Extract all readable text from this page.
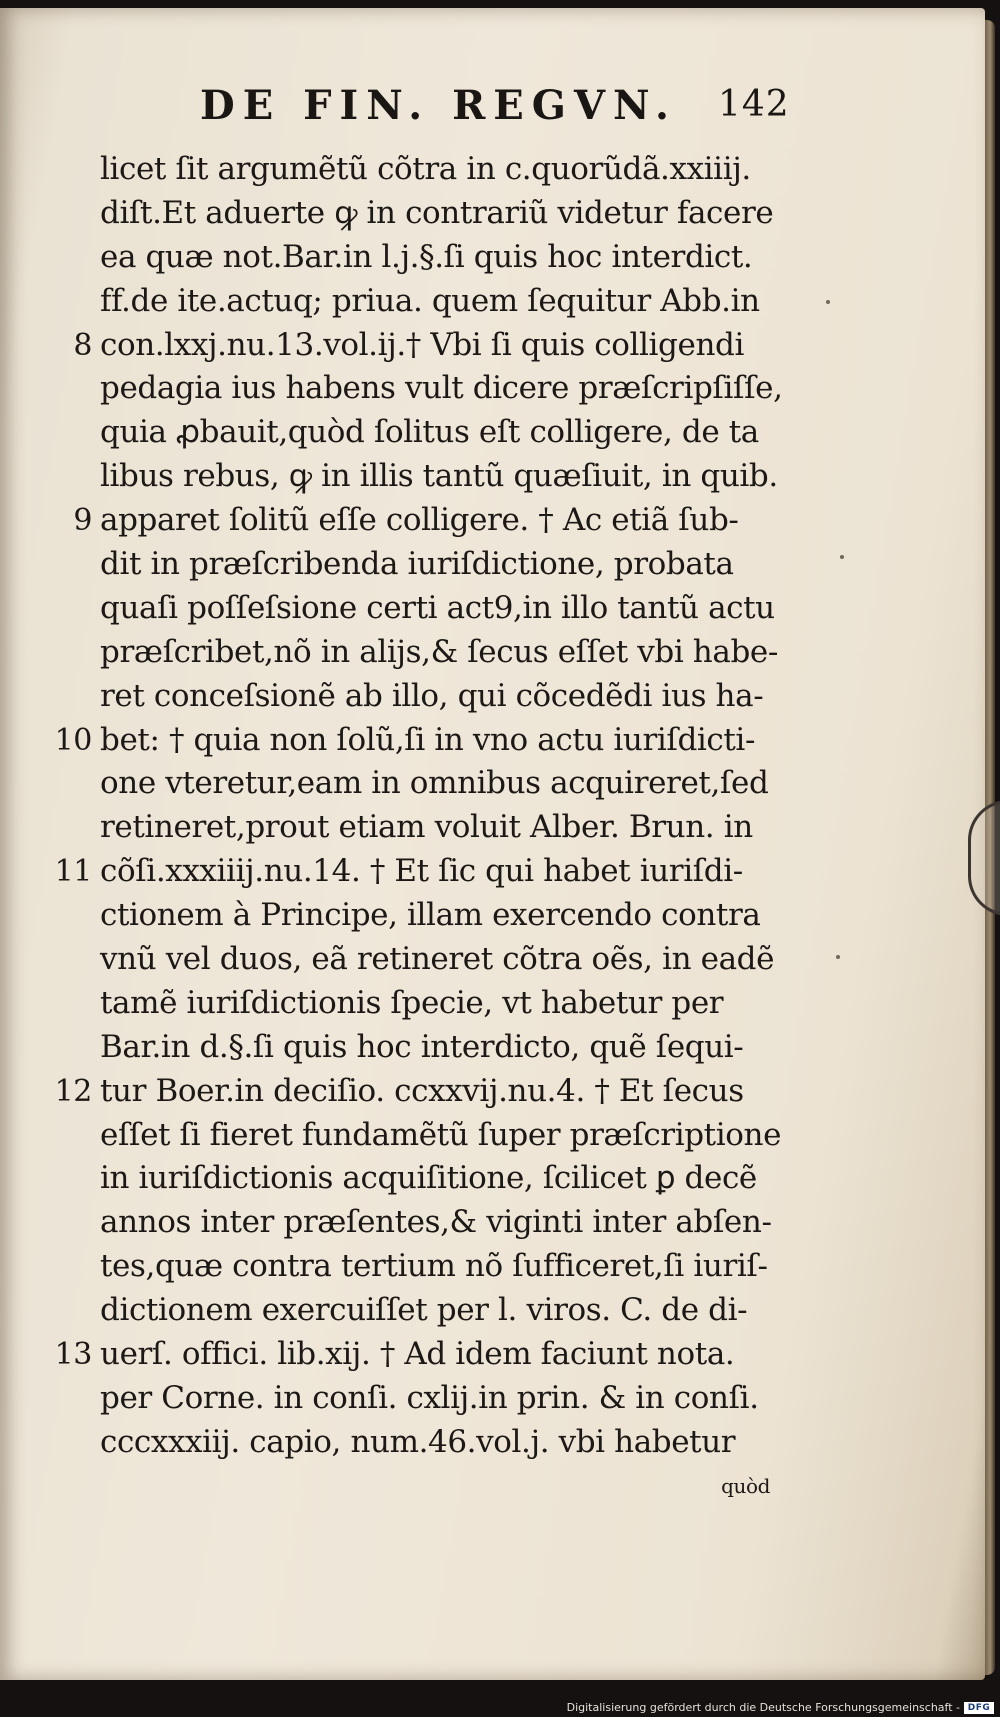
DE FIN. REGVN. 142
licet ſit argumẽtũ cõtra in c.quorũdã.xxiiij.
diſt.Et aduerte ꝙ in contrariũ videtur facere
ea quæ not.Bar.in l.j.§.ſi quis hoc interdict.
ff.de ite.actuq; priua. quem ſequitur Abb.in
8 con.lxxj.nu.13.vol.ij.† Vbi ſi quis colligendi
pedagia ius habens vult dicere præſcripſiſſe,
quia ꝓbauit,quòd ſolitus eſt colligere, de ta
libus rebus, ꝙ in illis tantũ quæſiuit, in quib.
9 apparet ſolitũ eſſe colligere. † Ac etiã ſub-
dit in præſcribenda iuriſdictione, probata
quaſi poſſeſsione certi act9,in illo tantũ actu
præſcribet,nõ in alijs,& ſecus eſſet vbi habe-
ret conceſsionẽ ab illo, qui cõcedẽdi ius ha-
10 bet: † quia non ſolũ,ſi in vno actu iuriſdicti-
one vteretur,eam in omnibus acquireret,ſed
retineret,prout etiam voluit Alber. Brun. in
11 cõſi.xxxiiij.nu.14. † Et ſic qui habet iuriſdi-
ctionem à Principe, illam exercendo contra
vnũ vel duos, eã retineret cõtra oẽs, in eadẽ
tamẽ iuriſdictionis ſpecie, vt habetur per
Bar.in d.§.ſi quis hoc interdicto, quẽ ſequi-
12 tur Boer.in deciſio. ccxxvij.nu.4. † Et ſecus
eſſet ſi fieret fundamẽtũ ſuper præſcriptione
in iuriſdictionis acquiſitione, ſcilicet ꝑ decẽ
annos inter præſentes,& viginti inter abſen-
tes,quæ contra tertium nõ ſufficeret,ſi iuriſ-
dictionem exercuiſſet per l. viros. C. de di-
13 uerſ. offici. lib.xij. † Ad idem faciunt nota.
per Corne. in conſi. cxlij.in prin. & in conſi.
cccxxxiij. capio, num.46.vol.j. vbi habetur
quòd
Digitalisierung gefördert durch die Deutsche Forschungsgemeinschaft - DFG
